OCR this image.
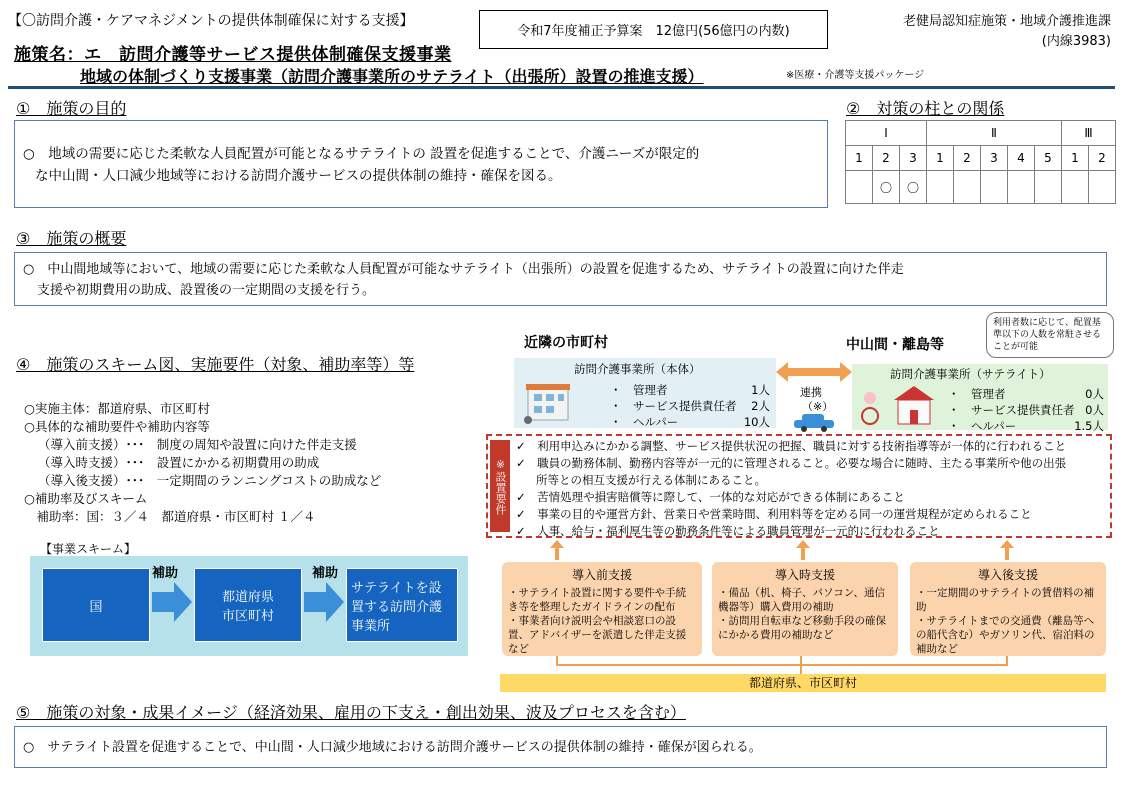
【〇訪問介護・ケアマネジメントの提供体制確保に対する支援】
施策名：エ　訪問介護等サービス提供体制確保支援事業
地域の体制づくり支援事業（訪問介護事業所のサテライト（出張所）設置の推進支援）
令和7年度補正予算案　12億円(56億円の内数)
老健局認知症施策・地域介護推進課
(内線3983)
※医療・介護等支援パッケージ
①　施策の目的
○　地域の需要に応じた柔軟な人員配置が可能となるサテライトの 設置を促進することで、介護ニーズが限定的
な中山間・人口減少地域等における訪問介護サービスの提供体制の維持・確保を図る。
②　対策の柱との関係
Ⅰ			Ⅱ					Ⅲ	
1	2	3	1	2	3	4	5	1	2
	〇	〇							
③　施策の概要
○　中山間地域等において、地域の需要に応じた柔軟な人員配置が可能なサテライト（出張所）の設置を促進するため、サテライトの設置に向けた伴走
支援や初期費用の助成、設置後の一定期間の支援を行う。
④　施策のスキーム図、実施要件（対象、補助率等）等
○実施主体：都道府県、市区町村
○具体的な補助要件や補助内容等
（導入前支援）･･･　制度の周知や設置に向けた伴走支援
（導入時支援）･･･　設置にかかる初期費用の助成
（導入後支援）･･･　一定期間のランニングコストの助成など
○補助率及びスキーム
　補助率：国：３／４　都道府県・市区町村 １／４
【事業スキーム】
国
補助
都道府県
市区町村
補助
サテライトを設置する訪問介護事業所
近隣の市町村	中山間・離島等
利用者数に応じて、配置基準以下の人数を常駐させることが可能
訪問介護事業所（本体）
・　管理者	1人
・　サービス提供責任者 2人
・　ヘルパー	10人
連携
（※）
訪問介護事業所（サテライト）
・　管理者	0人
・　サービス提供責任者 0人
・　ヘルパー	1.5人
※設置要件
✓　利用申込みにかかる調整、サービス提供状況の把握、職員に対する技術指導等が一体的に行われること
✓　職員の勤務体制、勤務内容等が一元的に管理されること。必要な場合に随時、主たる事業所や他の出張
所等との相互支援が行える体制にあること。
✓　苦情処理や損害賠償等に際して、一体的な対応ができる体制にあること
✓　事業の目的や運営方針、営業日や営業時間、利用料等を定める同一の運営規程が定められること
✓　人事、給与・福利厚生等の勤務条件等による職員管理が一元的に行われること
導入前支援
・サテライト設置に関する要件や手続き等を整理したガイドラインの配布
・事業者向け説明会や相談窓口の設置、アドバイザーを派遣した伴走支援など
導入時支援
・備品（机、椅子、パソコン、通信機器等）購入費用の補助
・訪問用自転車など移動手段の確保にかかる費用の補助など
導入後支援
・一定期間のサテライトの賃借料の補助
・サテライトまでの交通費（離島等への船代含む）やガソリン代、宿泊料の補助など
都道府県、市区町村
⑤　施策の対象・成果イメージ（経済効果、雇用の下支え・創出効果、波及プロセスを含む）
○　サテライト設置を促進することで、中山間・人口減少地域における訪問介護サービスの提供体制の維持・確保が図られる。
